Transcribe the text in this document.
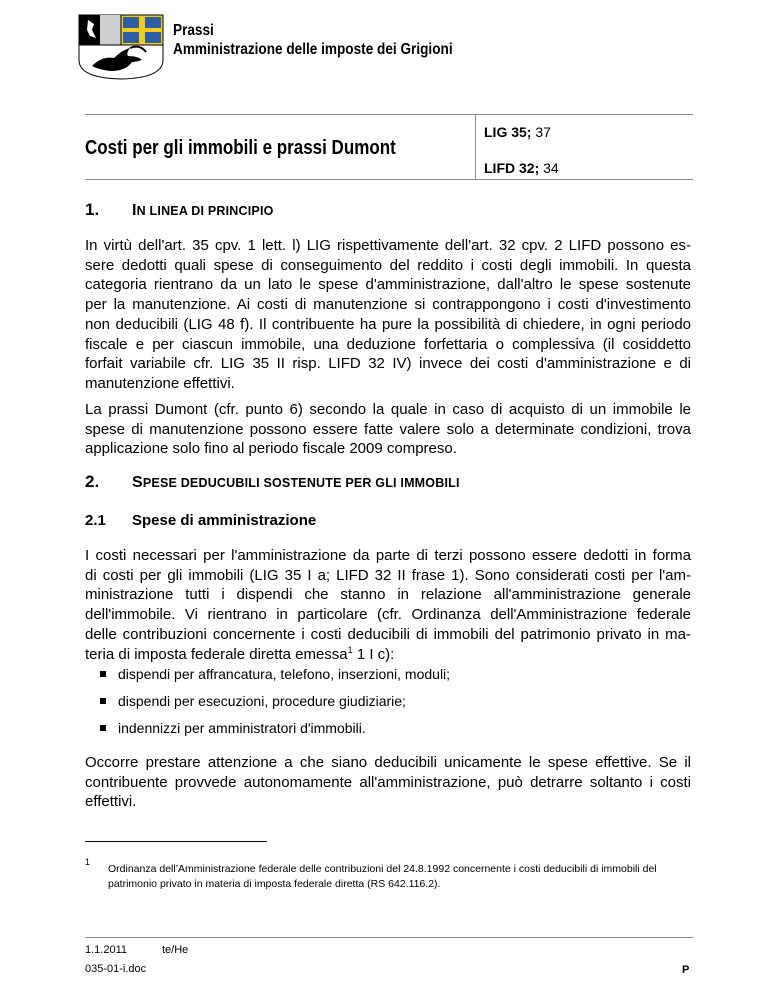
Prassi
Amministrazione delle imposte dei Grigioni
Costi per gli immobili e prassi Dumont
LIG 35; 37
LIFD 32; 34
1. IN LINEA DI PRINCIPIO
In virtù dell'art. 35 cpv. 1 lett. l) LIG rispettivamente dell'art. 32 cpv. 2 LIFD possono es-
sere dedotti quali spese di conseguimento del reddito i costi degli immobili. In questa
categoria rientrano da un lato le spese d'amministrazione, dall'altro le spese sostenute
per la manutenzione. Ai costi di manutenzione si contrappongono i costi d'investimento
non deducibili (LIG 48 f). Il contribuente ha pure la possibilità di chiedere, in ogni periodo
fiscale e per ciascun immobile, una deduzione forfettaria o complessiva (il cosiddetto
forfait variabile cfr. LIG 35 II risp. LIFD 32 IV) invece dei costi d'amministrazione e di
manutenzione effettivi.
La prassi Dumont (cfr. punto 6) secondo la quale in caso di acquisto di un immobile le
spese di manutenzione possono essere fatte valere solo a determinate condizioni, trova
applicazione solo fino al periodo fiscale 2009 compreso.
2. SPESE DEDUCUBILI SOSTENUTE PER GLI IMMOBILI
2.1 Spese di amministrazione
I costi necessari per l'amministrazione da parte di terzi possono essere dedotti in forma
di costi per gli immobili (LIG 35 I a; LIFD 32 II frase 1). Sono considerati costi per l'am-
ministrazione tutti i dispendi che stanno in relazione all'amministrazione generale
dell'immobile. Vi rientrano in particolare (cfr. Ordinanza dell'Amministrazione federale
delle contribuzioni concernente i costi deducibili di immobili del patrimonio privato in ma-
teria di imposta federale diretta emessa$^1$ 1 I c):
dispendi per affrancatura, telefono, inserzioni, moduli;
dispendi per esecuzioni, procedure giudiziarie;
indennizzi per amministratori d'immobili.
Occorre prestare attenzione a che siano deducibili unicamente le spese effettive. Se il
contribuente provvede autonomamente all'amministrazione, può detrarre soltanto i costi
effettivi.
1
Ordinanza dell’Amministrazione federale delle contribuzioni del 24.8.1992 concernente i costi deducibili di immobili del patrimonio privato in materia di imposta federale diretta (RS 642.116.2).
1.1.2011	te/He
035-01-i.doc	P
